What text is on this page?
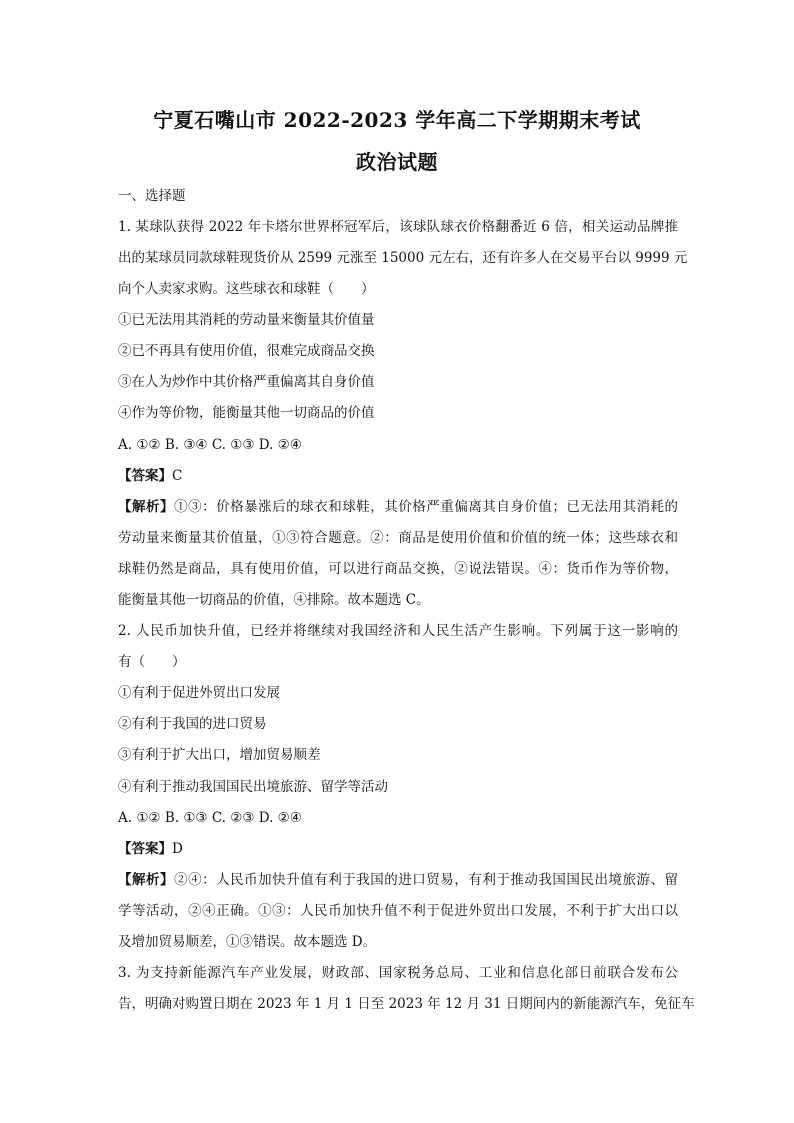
宁夏石嘴山市 2022-2023 学年高二下学期期末考试
政治试题
一、选择题
1. 某球队获得 2022 年卡塔尔世界杯冠军后，该球队球衣价格翻番近 6 倍，相关运动品牌推
出的某球员同款球鞋现货价从 2599 元涨至 15000 元左右，还有许多人在交易平台以 9999 元
向个人卖家求购。这些球衣和球鞋（　　）
①已无法用其消耗的劳动量来衡量其价值量
②已不再具有使用价值，很难完成商品交换
③在人为炒作中其价格严重偏离其自身价值
④作为等价物，能衡量其他一切商品的价值
A. ①② B. ③④ C. ①③ D. ②④
【答案】C
【解析】①③：价格暴涨后的球衣和球鞋，其价格严重偏离其自身价值；已无法用其消耗的
劳动量来衡量其价值量，①③符合题意。②：商品是使用价值和价值的统一体；这些球衣和
球鞋仍然是商品，具有使用价值，可以进行商品交换，②说法错误。④：货币作为等价物，
能衡量其他一切商品的价值，④排除。故本题选 C。
2. 人民币加快升值，已经并将继续对我国经济和人民生活产生影响。下列属于这一影响的
有（　　）
①有利于促进外贸出口发展
②有利于我国的进口贸易
③有利于扩大出口，增加贸易顺差
④有利于推动我国国民出境旅游、留学等活动
A. ①② B. ①③ C. ②③ D. ②④
【答案】D
【解析】②④：人民币加快升值有利于我国的进口贸易，有利于推动我国国民出境旅游、留
学等活动，②④正确。①③：人民币加快升值不利于促进外贸出口发展，不利于扩大出口以
及增加贸易顺差，①③错误。故本题选 D。
3. 为支持新能源汽车产业发展，财政部、国家税务总局、工业和信息化部日前联合发布公
告，明确对购置日期在 2023 年 1 月 1 日至 2023 年 12 月 31 日期间内的新能源汽车，免征车
